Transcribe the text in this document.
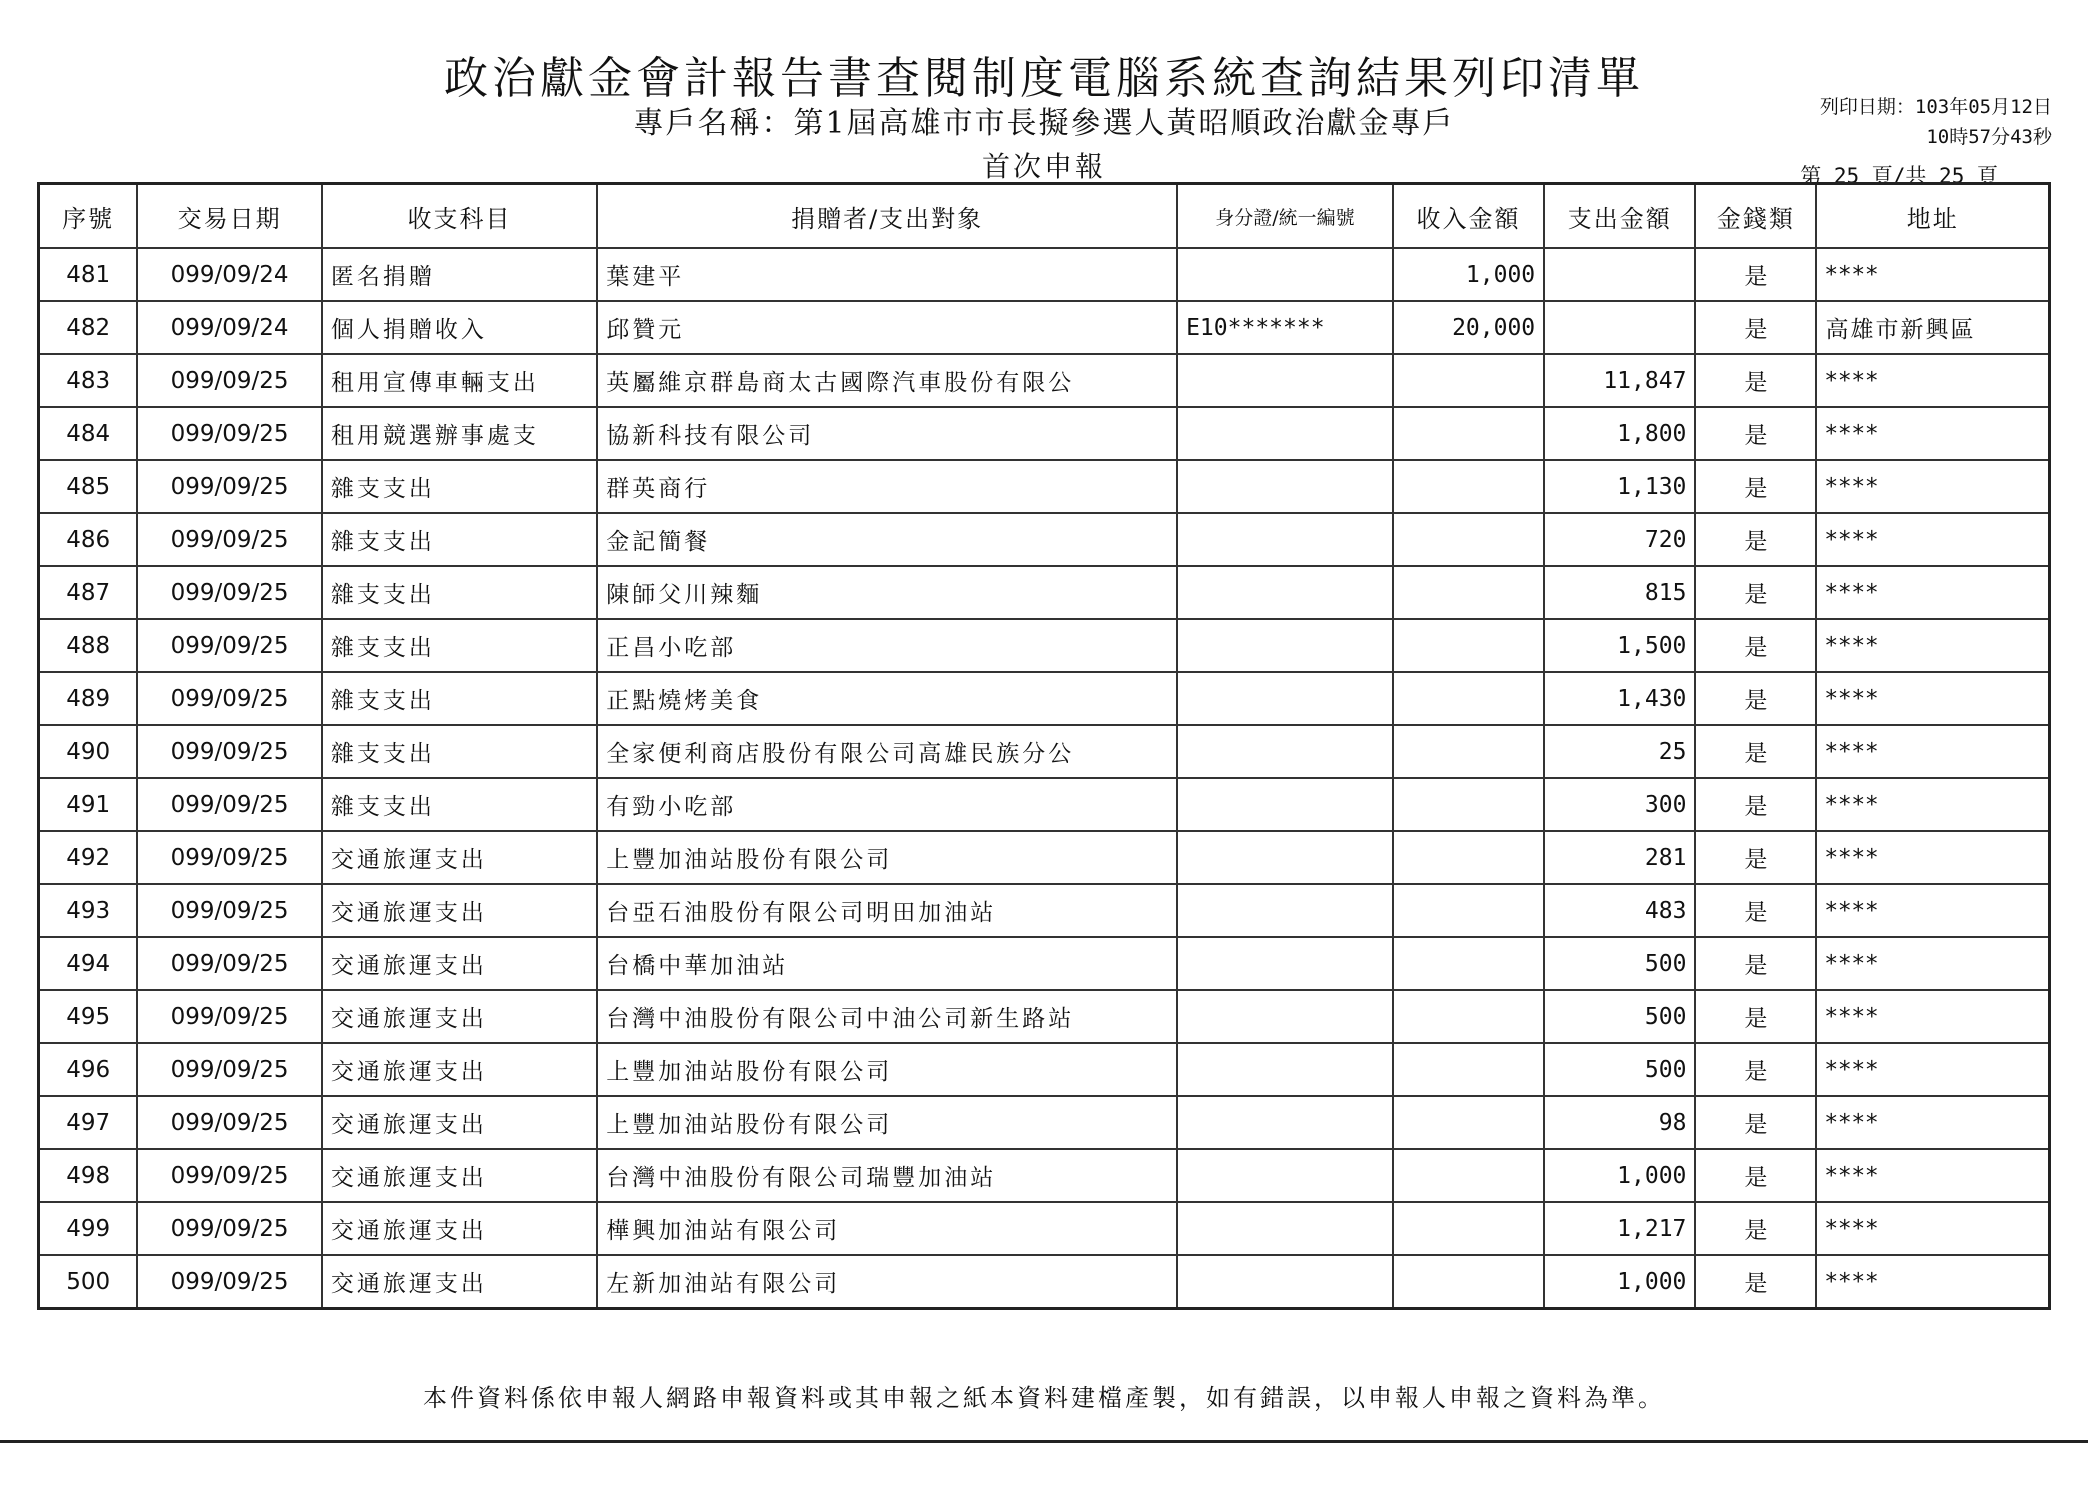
政治獻金會計報告書查閱制度電腦系統查詢結果列印清單
專戶名稱：第1屆高雄市市長擬參選人黃昭順政治獻金專戶
首次申報
列印日期：103年05月12日
10時57分43秒
第 25 頁/共 25 頁
序號	交易日期	收支科目	捐贈者/支出對象	身分證/統一編號	收入金額	支出金額	金錢類	地址
481	099/09/24	匿名捐贈	葉建平		1,000		是	****
482	099/09/24	個人捐贈收入	邱贊元	E10*******	20,000		是	高雄市新興區
483	099/09/25	租用宣傳車輛支出	英屬維京群島商太古國際汽車股份有限公			11,847	是	****
484	099/09/25	租用競選辦事處支	協新科技有限公司			1,800	是	****
485	099/09/25	雜支支出	群英商行			1,130	是	****
486	099/09/25	雜支支出	金記簡餐			720	是	****
487	099/09/25	雜支支出	陳師父川辣麵			815	是	****
488	099/09/25	雜支支出	正昌小吃部			1,500	是	****
489	099/09/25	雜支支出	正點燒烤美食			1,430	是	****
490	099/09/25	雜支支出	全家便利商店股份有限公司高雄民族分公			25	是	****
491	099/09/25	雜支支出	有勁小吃部			300	是	****
492	099/09/25	交通旅運支出	上豐加油站股份有限公司			281	是	****
493	099/09/25	交通旅運支出	台亞石油股份有限公司明田加油站			483	是	****
494	099/09/25	交通旅運支出	台橋中華加油站			500	是	****
495	099/09/25	交通旅運支出	台灣中油股份有限公司中油公司新生路站			500	是	****
496	099/09/25	交通旅運支出	上豐加油站股份有限公司			500	是	****
497	099/09/25	交通旅運支出	上豐加油站股份有限公司			98	是	****
498	099/09/25	交通旅運支出	台灣中油股份有限公司瑞豐加油站			1,000	是	****
499	099/09/25	交通旅運支出	樺興加油站有限公司			1,217	是	****
500	099/09/25	交通旅運支出	左新加油站有限公司			1,000	是	****
本件資料係依申報人網路申報資料或其申報之紙本資料建檔產製，如有錯誤，以申報人申報之資料為準。
